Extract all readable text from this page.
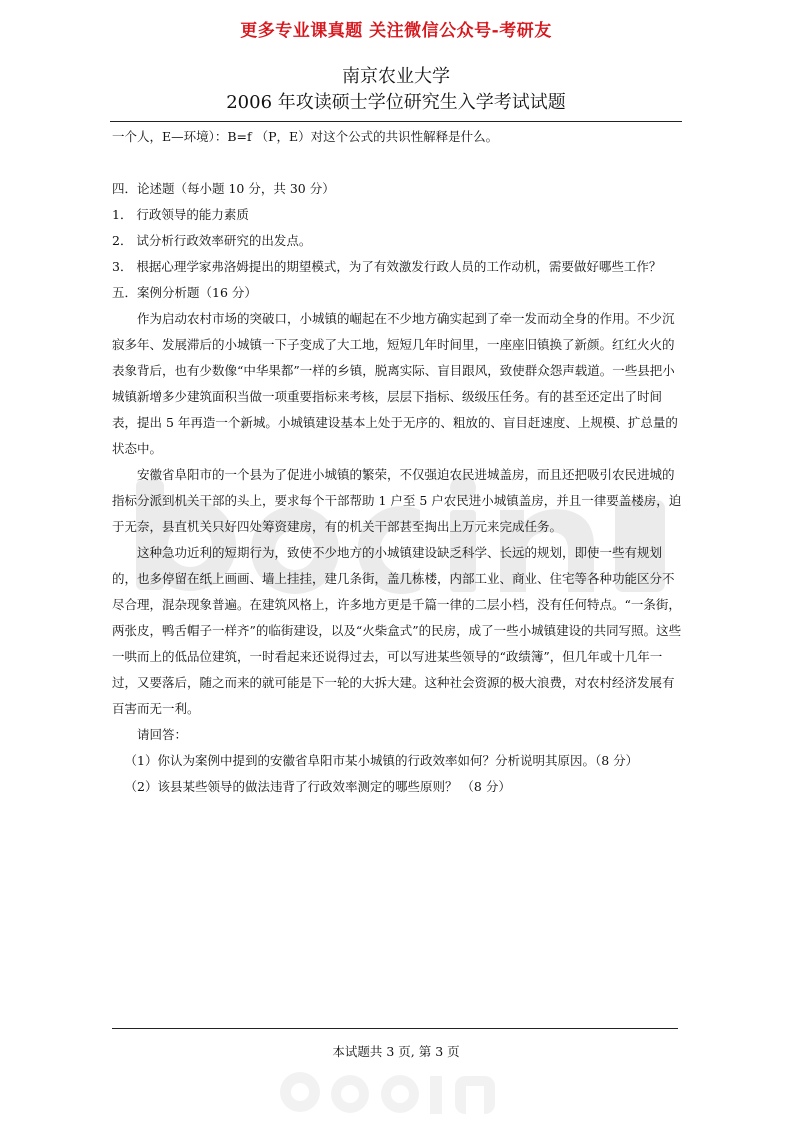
更多专业课真题 关注微信公众号-考研友
南京农业大学
2006 年攻读硕士学位研究生入学考试试题

一个人，E—环境）：B=f （P，E）对这个公式的共识性解释是什么。

四．论述题（每小题 10 分，共 30 分）

1． 行政领导的能力素质

2． 试分析行政效率研究的出发点。

3． 根据心理学家弗洛姆提出的期望模式，为了有效激发行政人员的工作动机，需要做好哪些工作？

五．案例分析题（16 分）

作为启动农村市场的突破口，小城镇的崛起在不少地方确实起到了牵一发而动全身的作用。不少沉寂多年、发展滞后的小城镇一下子变成了大工地，短短几年时间里，一座座旧镇换了新颜。红红火火的表象背后，也有少数像“中华果都”一样的乡镇，脱离实际、盲目跟风，致使群众怨声载道。一些县把小城镇新增多少建筑面积当做一项重要指标来考核，层层下指标、级级压任务。有的甚至还定出了时间表，提出 5 年再造一个新城。小城镇建设基本上处于无序的、粗放的、盲目赶速度、上规模、扩总量的状态中。

安徽省阜阳市的一个县为了促进小城镇的繁荣，不仅强迫农民进城盖房，而且还把吸引农民进城的指标分派到机关干部的头上，要求每个干部帮助 1 户至 5 户农民进小城镇盖房，并且一律要盖楼房，迫于无奈，县直机关只好四处筹资建房，有的机关干部甚至掏出上万元来完成任务。

这种急功近利的短期行为，致使不少地方的小城镇建设缺乏科学、长远的规划，即使一些有规划的，也多停留在纸上画画、墙上挂挂，建几条街，盖几栋楼，内部工业、商业、住宅等各种功能区分不尽合理，混杂现象普遍。在建筑风格上，许多地方更是千篇一律的二层小档，没有任何特点。“一条街，两张皮，鸭舌帽子一样齐”的临街建设，以及“火柴盒式”的民房，成了一些小城镇建设的共同写照。这些一哄而上的低品位建筑，一时看起来还说得过去，可以写进某些领导的“政绩簿”，但几年或十几年一过，又要落后，随之而来的就可能是下一轮的大拆大建。这种社会资源的极大浪费，对农村经济发展有百害而无一利。

请回答：

（1）你认为案例中提到的安徽省阜阳市某小城镇的行政效率如何？分析说明其原因。（8 分）

（2）该县某些领导的做法违背了行政效率测定的哪些原则？ （8 分）

本试题共 3 页, 第 3 页
